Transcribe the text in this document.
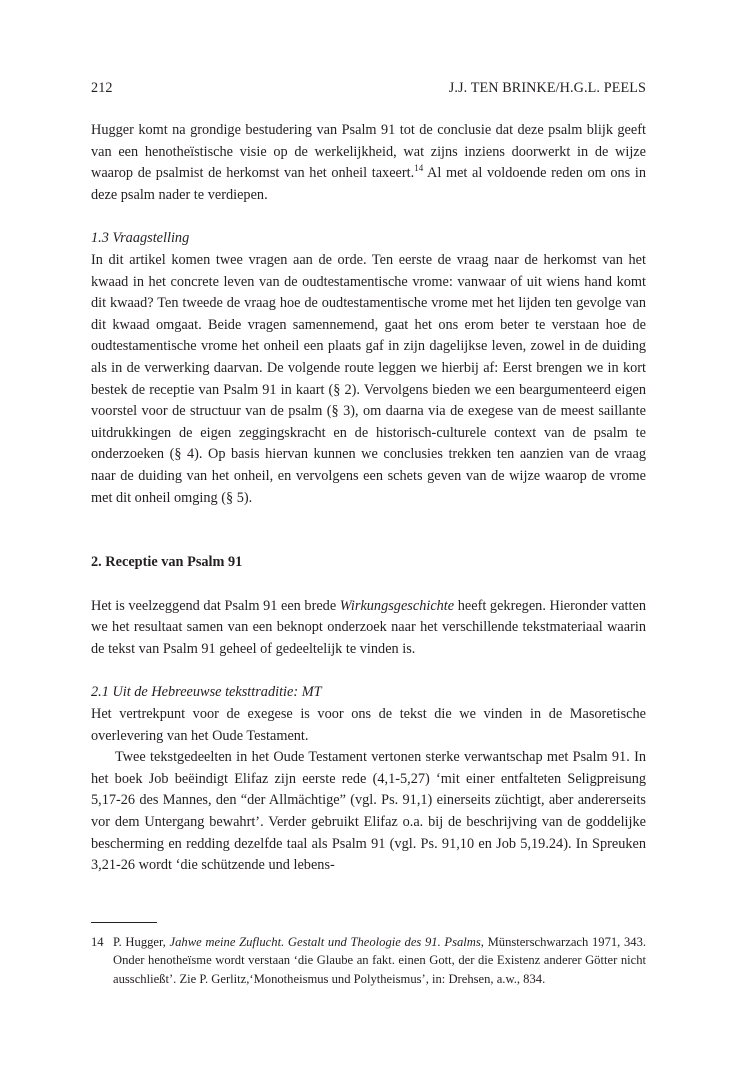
212	J.J. TEN BRINKE/H.G.L. PEELS

Hugger komt na grondige bestudering van Psalm 91 tot de conclusie dat deze psalm blijk geeft van een henotheïstische visie op de werkelijkheid, wat zijns inziens doorwerkt in de wijze waarop de psalmist de herkomst van het onheil taxeert.$^{14}$ Al met al voldoende reden om ons in deze psalm nader te verdiepen.

1.3 Vraagstelling

In dit artikel komen twee vragen aan de orde. Ten eerste de vraag naar de herkomst van het kwaad in het concrete leven van de oudtestamentische vrome: vanwaar of uit wiens hand komt dit kwaad? Ten tweede de vraag hoe de oudtestamentische vrome met het lijden ten gevolge van dit kwaad omgaat. Beide vragen samennemend, gaat het ons erom beter te verstaan hoe de oudtestamentische vrome het onheil een plaats gaf in zijn dagelijkse leven, zowel in de duiding als in de verwerking daarvan. De volgende route leggen we hierbij af: Eerst brengen we in kort bestek de receptie van Psalm 91 in kaart (§ 2). Vervolgens bieden we een beargumenteerd eigen voorstel voor de structuur van de psalm (§ 3), om daarna via de exegese van de meest saillante uitdrukkingen de eigen zeggingskracht en de historisch-culturele context van de psalm te onderzoeken (§ 4). Op basis hiervan kunnen we conclusies trekken ten aanzien van de vraag naar de duiding van het onheil, en vervolgens een schets geven van de wijze waarop de vrome met dit onheil omging (§ 5).

2. Receptie van Psalm 91

Het is veelzeggend dat Psalm 91 een brede Wirkungsgeschichte heeft gekregen. Hieronder vatten we het resultaat samen van een beknopt onderzoek naar het verschillende tekstmateriaal waarin de tekst van Psalm 91 geheel of gedeeltelijk te vinden is.

2.1 Uit de Hebreeuwse teksttraditie: MT

Het vertrekpunt voor de exegese is voor ons de tekst die we vinden in de Masoretische overlevering van het Oude Testament.

Twee tekstgedeelten in het Oude Testament vertonen sterke verwantschap met Psalm 91. In het boek Job beëindigt Elifaz zijn eerste rede (4,1-5,27) ‘mit einer entfalteten Seligpreisung 5,17-26 des Mannes, den “der Allmächtige” (vgl. Ps. 91,1) einerseits züchtigt, aber andererseits vor dem Untergang bewahrt’. Verder gebruikt Elifaz o.a. bij de beschrijving van de goddelijke bescherming en redding dezelfde taal als Psalm 91 (vgl. Ps. 91,10 en Job 5,19.24). In Spreuken 3,21-26 wordt ‘die schützende und lebens-

14 P. Hugger, Jahwe meine Zuflucht. Gestalt und Theologie des 91. Psalms, Münsterschwarzach 1971, 343. Onder henotheïsme wordt verstaan ‘die Glaube an fakt. einen Gott, der die Existenz anderer Götter nicht ausschließt’. Zie P. Gerlitz,‘Monotheismus und Polytheismus’, in: Drehsen, a.w., 834.
